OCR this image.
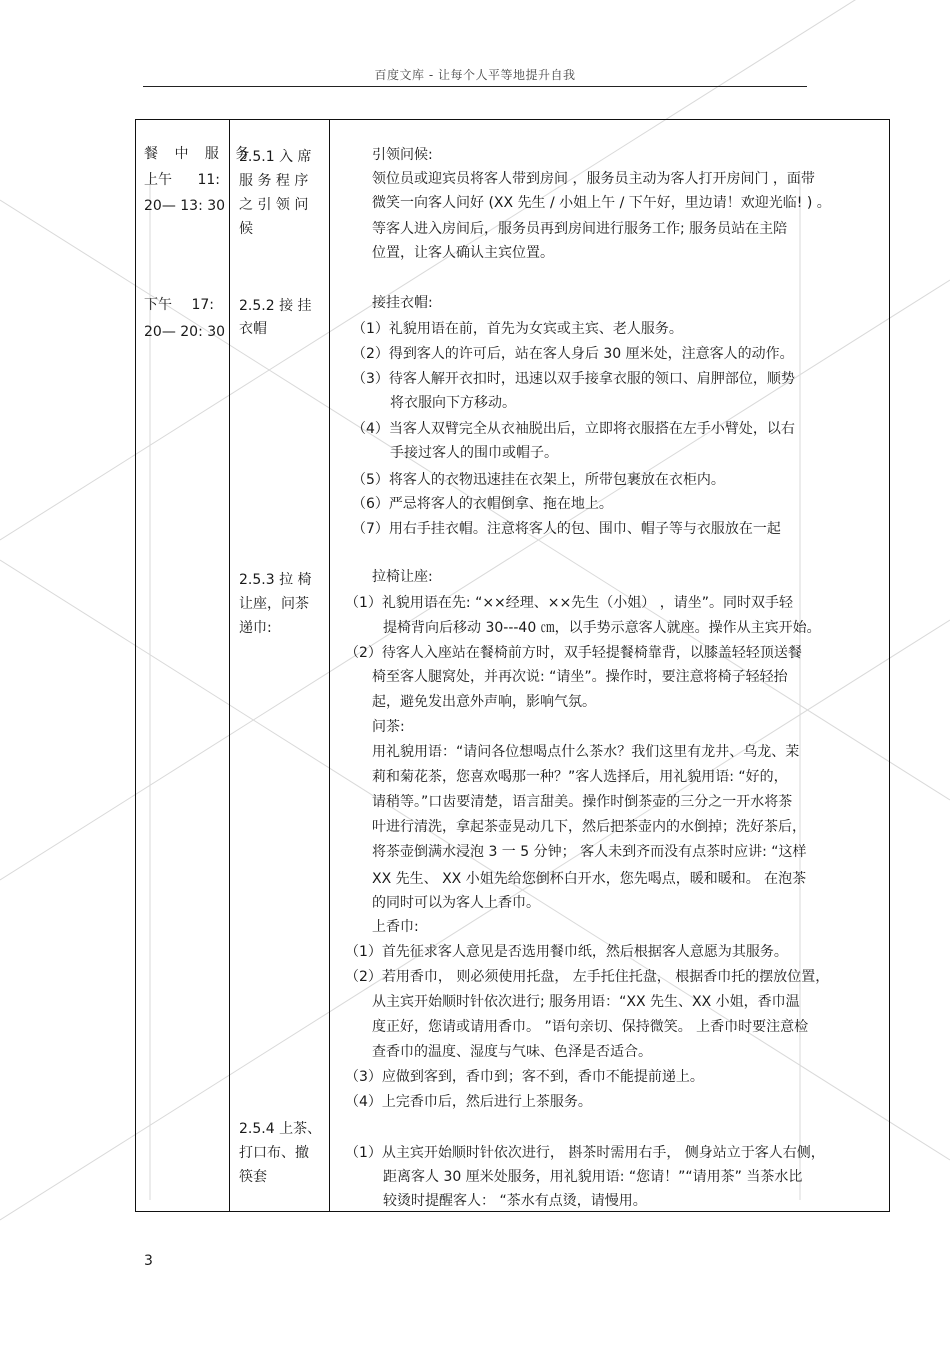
百度文库 - 让每个人平等地提升自我
餐 中 服 务
上午 11:
20— 13: 30
下午 17:
20— 20: 30
2.5.1 入 席
服 务 程 序
之 引 领 问
候
2.5.2 接 挂
衣帽
2.5.3 拉 椅
让座，问茶
递巾:
2.5.4 上茶、
打口布、撤
筷套
引领问候:
领位员或迎宾员将客人带到房间 ，服务员主动为客人打开房间门 ，面带
微笑一向客人问好 (XX 先生 / 小姐上午 / 下午好，里边请！欢迎光临! ) 。
等客人进入房间后，服务员再到房间进行服务工作; 服务员站在主陪
位置，让客人确认主宾位置。
接挂衣帽:
（1）礼貌用语在前，首先为女宾或主宾、老人服务。
（2）得到客人的许可后，站在客人身后 30 厘米处，注意客人的动作。
（3）待客人解开衣扣时，迅速以双手接拿衣服的领口、肩胛部位，顺势
将衣服向下方移动。
（4）当客人双臂完全从衣袖脱出后，立即将衣服搭在左手小臂处，以右
手接过客人的围巾或帽子。
（5）将客人的衣物迅速挂在衣架上，所带包裹放在衣柜内。
（6）严忌将客人的衣帽倒拿、拖在地上。
（7）用右手挂衣帽。注意将客人的包、围巾、帽子等与衣服放在一起
拉椅让座:
（1）礼貌用语在先: “××经理、××先生（小姐） ，请坐”。同时双手轻
提椅背向后移动 30---40 ㎝，以手势示意客人就座。操作从主宾开始。
（2）待客人入座站在餐椅前方时，双手轻提餐椅靠背，以膝盖轻轻顶送餐
椅至客人腿窝处，并再次说: “请坐”。操作时，要注意将椅子轻轻抬
起，避免发出意外声响，影响气氛。
问茶:
用礼貌用语：“请问各位想喝点什么茶水？我们这里有龙井、乌龙、茉
莉和菊花茶，您喜欢喝那一种？”客人选择后，用礼貌用语: “好的，
请稍等。”口齿要清楚，语言甜美。操作时倒茶壶的三分之一开水将茶
叶进行清洗，拿起茶壶晃动几下，然后把茶壶内的水倒掉；洗好茶后，
将茶壶倒满水浸泡 3 一 5 分钟； 客人未到齐而没有点茶时应讲: “这样
XX 先生、 XX 小姐先给您倒杯白开水，您先喝点，暖和暖和。 在泡茶
的同时可以为客人上香巾。
上香巾:
（1）首先征求客人意见是否选用餐巾纸，然后根据客人意愿为其服务。
（2）若用香巾， 则必须使用托盘， 左手托住托盘， 根据香巾托的摆放位置，
从主宾开始顺时针依次进行; 服务用语：“XX 先生、XX 小姐，香巾温
度正好，您请或请用香巾。 ”语句亲切、保持微笑。 上香巾时要注意检
查香巾的温度、湿度与气味、色泽是否适合。
（3）应做到客到，香巾到；客不到，香巾不能提前递上。
（4）上完香巾后，然后进行上茶服务。
（1）从主宾开始顺时针依次进行， 斟茶时需用右手， 侧身站立于客人右侧，
距离客人 30 厘米处服务，用礼貌用语: “您请！”“请用茶” 当茶水比
较烫时提醒客人： “茶水有点烫，请慢用。
3
